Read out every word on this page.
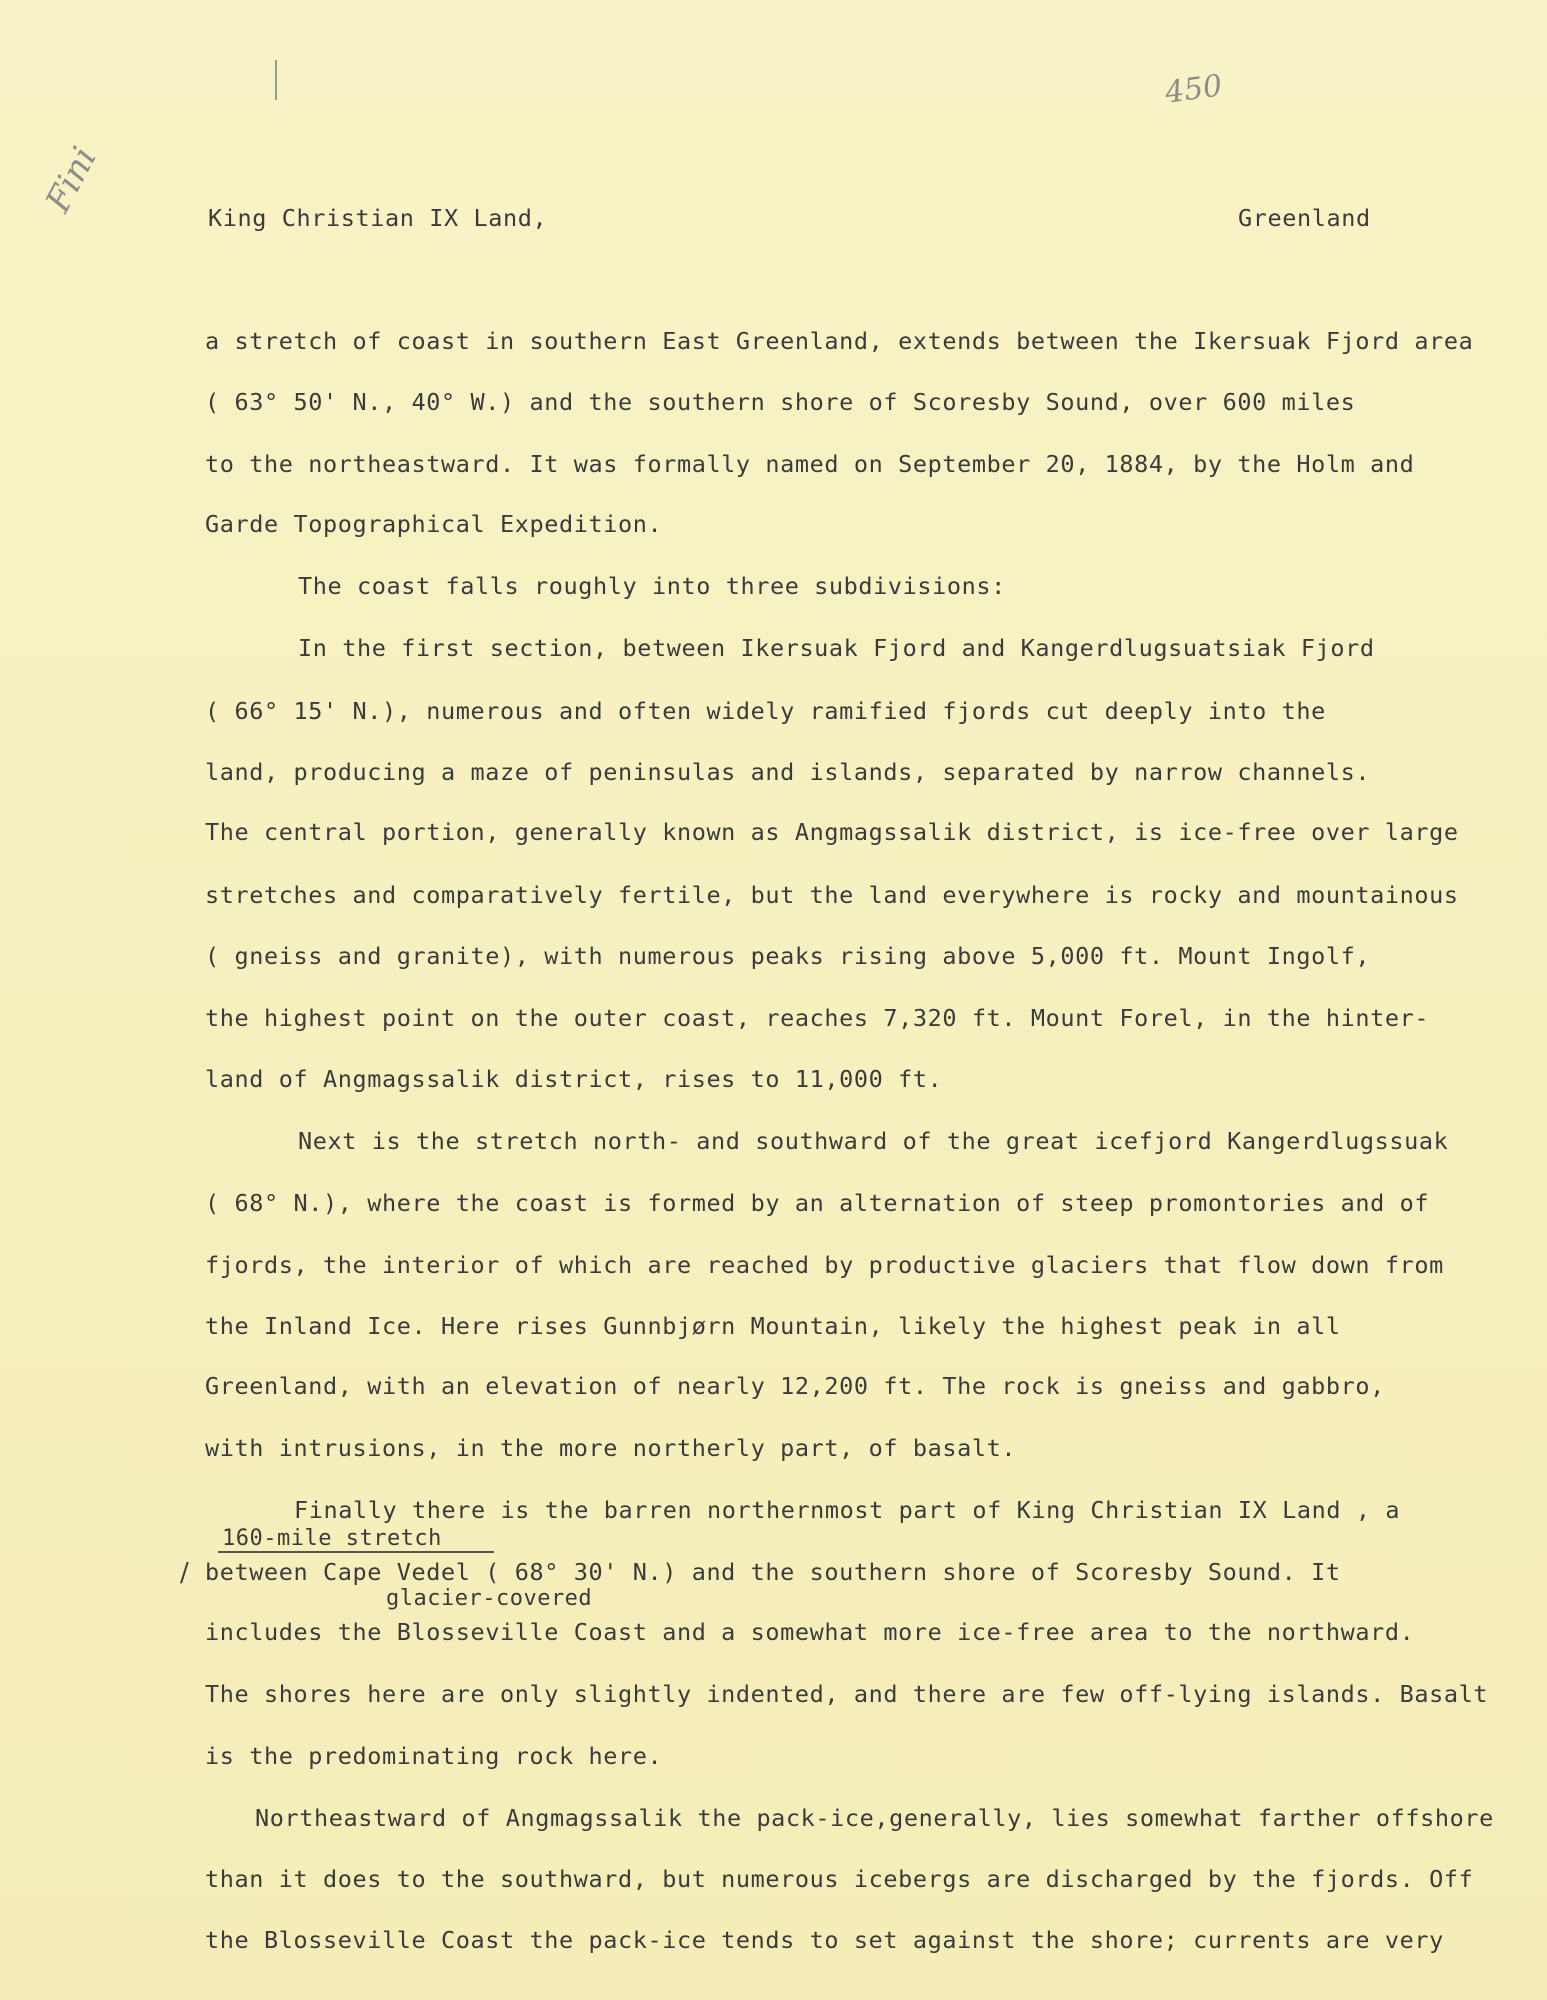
Fini
450
King Christian IX Land,	Greenland
a stretch of coast in southern East Greenland, extends between the Ikersuak Fjord area
( 63° 50' N., 40° W.) and the southern shore of Scoresby Sound, over 600 miles
to the northeastward. It was formally named on September 20, 1884, by the Holm and
Garde Topographical Expedition.
The coast falls roughly into three subdivisions:
In the first section, between Ikersuak Fjord and Kangerdlugsuatsiak Fjord
( 66° 15' N.), numerous and often widely ramified fjords cut deeply into the
land, producing a maze of peninsulas and islands, separated by narrow channels.
The central portion, generally known as Angmagssalik district, is ice-free over large
stretches and comparatively fertile, but the land everywhere is rocky and mountainous
( gneiss and granite), with numerous peaks rising above 5,000 ft. Mount Ingolf,
the highest point on the outer coast, reaches 7,320 ft. Mount Forel, in the hinter-
land of Angmagssalik district, rises to 11,000 ft.
Next is the stretch north- and southward of the great icefjord Kangerdlugssuak
( 68° N.), where the coast is formed by an alternation of steep promontories and of
fjords, the interior of which are reached by productive glaciers that flow down from
the Inland Ice. Here rises Gunnbjørn Mountain, likely the highest peak in all
Greenland, with an elevation of nearly 12,200 ft. The rock is gneiss and gabbro,
with intrusions, in the more northerly part, of basalt.
Finally there is the barren northernmost part of King Christian IX Land , a
160-mile stretch
/ between Cape Vedel ( 68° 30' N.) and the southern shore of Scoresby Sound. It
glacier-covered
includes the Blosseville Coast and a somewhat more ice-free area to the northward.
The shores here are only slightly indented, and there are few off-lying islands. Basalt
is the predominating rock here.
Northeastward of Angmagssalik the pack-ice,generally, lies somewhat farther offshore
than it does to the southward, but numerous icebergs are discharged by the fjords. Off
the Blosseville Coast the pack-ice tends to set against the shore; currents are very
